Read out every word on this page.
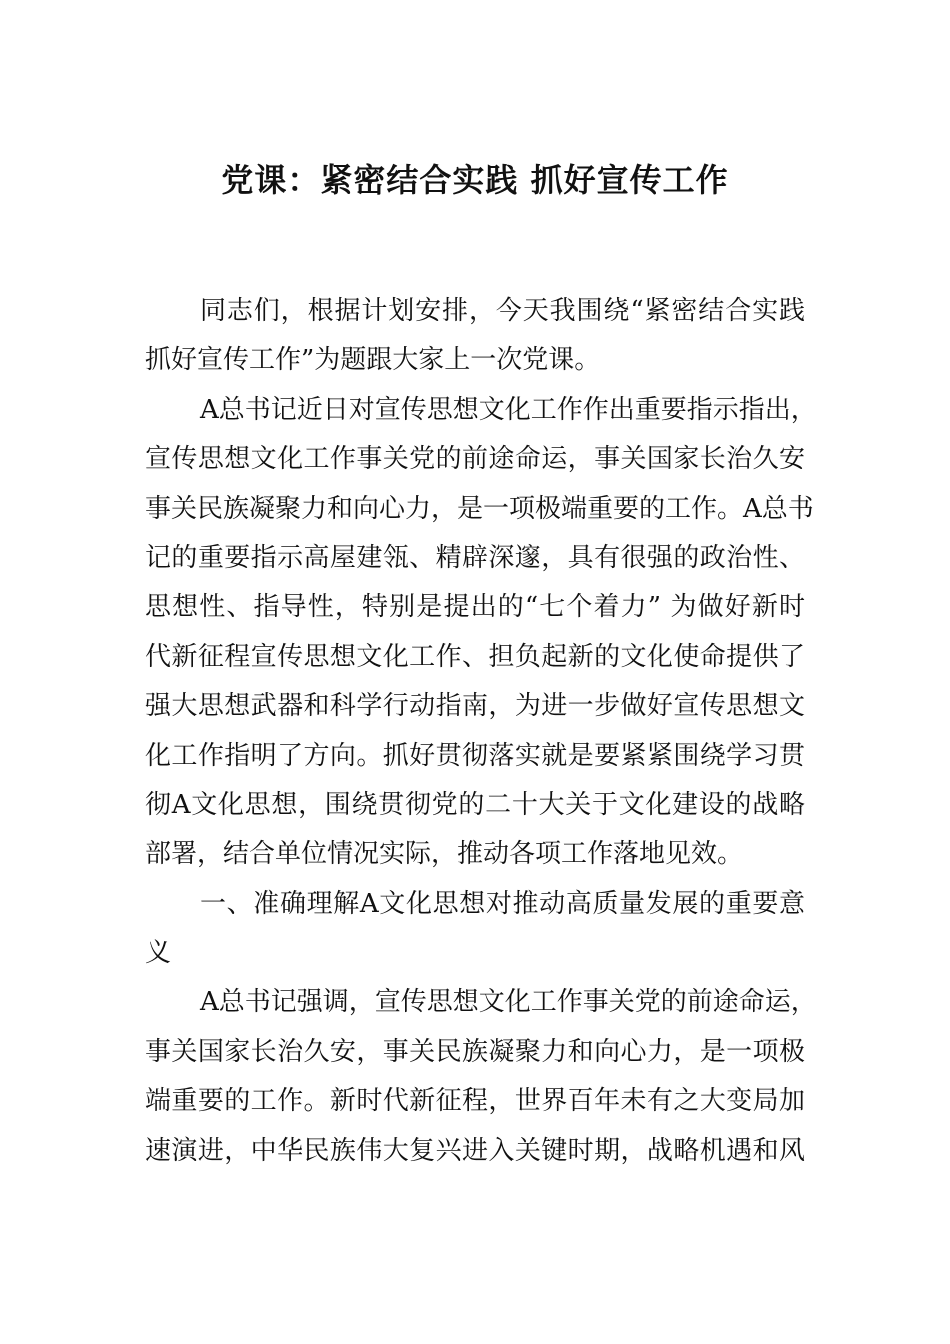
党课：紧密结合实践 抓好宣传工作
同志们，根据计划安排，今天我围绕“紧密结合实践
抓好宣传工作”为题跟大家上一次党课。
A总书记近日对宣传思想文化工作作出重要指示指出，
宣传思想文化工作事关党的前途命运，事关国家长治久安
事关民族凝聚力和向心力，是一项极端重要的工作。A总书
记的重要指示高屋建瓴、精辟深邃，具有很强的政治性、
思想性、指导性，特别是提出的“七个着力” 为做好新时
代新征程宣传思想文化工作、担负起新的文化使命提供了
强大思想武器和科学行动指南，为进一步做好宣传思想文
化工作指明了方向。抓好贯彻落实就是要紧紧围绕学习贯
彻A文化思想，围绕贯彻党的二十大关于文化建设的战略
部署，结合单位情况实际，推动各项工作落地见效。
一、准确理解A文化思想对推动高质量发展的重要意
义
A总书记强调，宣传思想文化工作事关党的前途命运，
事关国家长治久安，事关民族凝聚力和向心力，是一项极
端重要的工作。新时代新征程，世界百年未有之大变局加
速演进，中华民族伟大复兴进入关键时期，战略机遇和风
